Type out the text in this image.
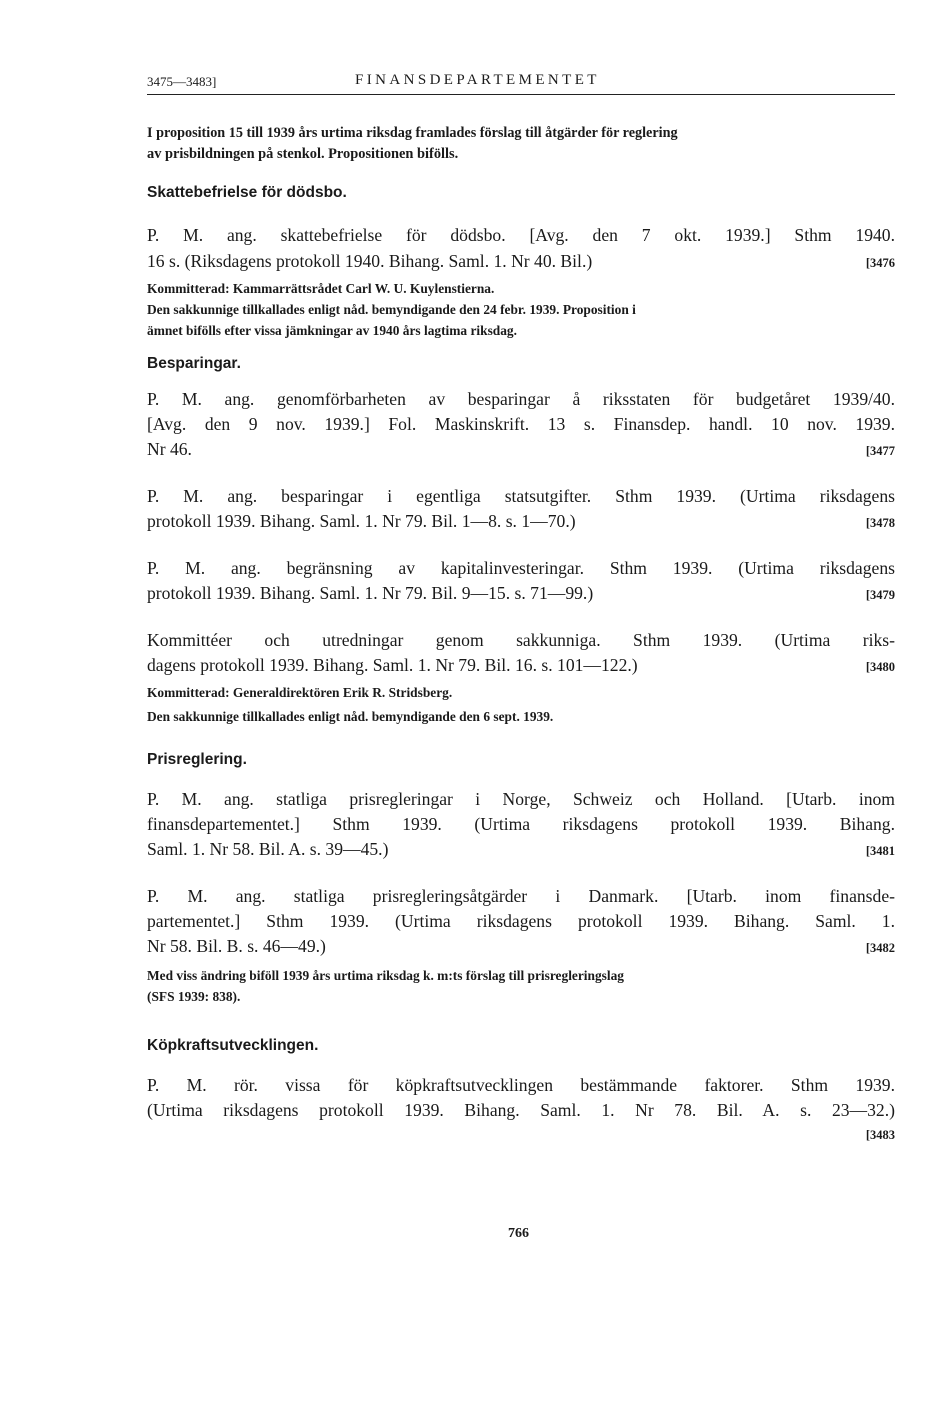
3475—3483]	FINANSDEPARTEMENTET

I proposition 15 till 1939 års urtima riksdag framlades förslag till åtgärder för reglering

av prisbildningen på stenkol. Propositionen bifölls.

Skattebefrielse för dödsbo.
P. M. ang. skattebefrielse för dödsbo. [Avg. den 7 okt. 1939.] Sthm 1940.
16 s. (Riksdagens protokoll 1940. Bihang. Saml. 1. Nr 40. Bil.)	[3476

Kommitterad: Kammarrättsrådet Carl W. U. Kuylenstierna.

Den sakkunnige tillkallades enligt nåd. bemyndigande den 24 febr. 1939. Proposition i

ämnet bifölls efter vissa jämkningar av 1940 års lagtima riksdag.

Besparingar.
P. M. ang. genomförbarheten av besparingar å riksstaten för budgetåret 1939/40.
[Avg. den 9 nov. 1939.] Fol. Maskinskrift. 13 s. Finansdep. handl. 10 nov. 1939.
Nr 46.	[3477
P. M. ang. besparingar i egentliga statsutgifter. Sthm 1939. (Urtima riksdagens
protokoll 1939. Bihang. Saml. 1. Nr 79. Bil. 1—8. s. 1—70.)	[3478
P. M. ang. begränsning av kapitalinvesteringar. Sthm 1939. (Urtima riksdagens
protokoll 1939. Bihang. Saml. 1. Nr 79. Bil. 9—15. s. 71—99.)	[3479
Kommittéer och utredningar genom sakkunniga. Sthm 1939. (Urtima riks-
dagens protokoll 1939. Bihang. Saml. 1. Nr 79. Bil. 16. s. 101—122.)	[3480

Kommitterad: Generaldirektören Erik R. Stridsberg.

Den sakkunnige tillkallades enligt nåd. bemyndigande den 6 sept. 1939.

Prisreglering.
P. M. ang. statliga prisregleringar i Norge, Schweiz och Holland. [Utarb. inom
finansdepartementet.] Sthm 1939. (Urtima riksdagens protokoll 1939. Bihang.
Saml. 1. Nr 58. Bil. A. s. 39—45.)	[3481
P. M. ang. statliga prisregleringsåtgärder i Danmark. [Utarb. inom finansde-
partementet.] Sthm 1939. (Urtima riksdagens protokoll 1939. Bihang. Saml. 1.
Nr 58. Bil. B. s. 46—49.)	[3482

Med viss ändring biföll 1939 års urtima riksdag k. m:ts förslag till prisregleringslag

(SFS 1939: 838).

Köpkraftsutvecklingen.
P. M. rör. vissa för köpkraftsutvecklingen bestämmande faktorer. Sthm 1939.
(Urtima riksdagens protokoll 1939. Bihang. Saml. 1. Nr 78. Bil. A. s. 23—32.)
[3483
766
